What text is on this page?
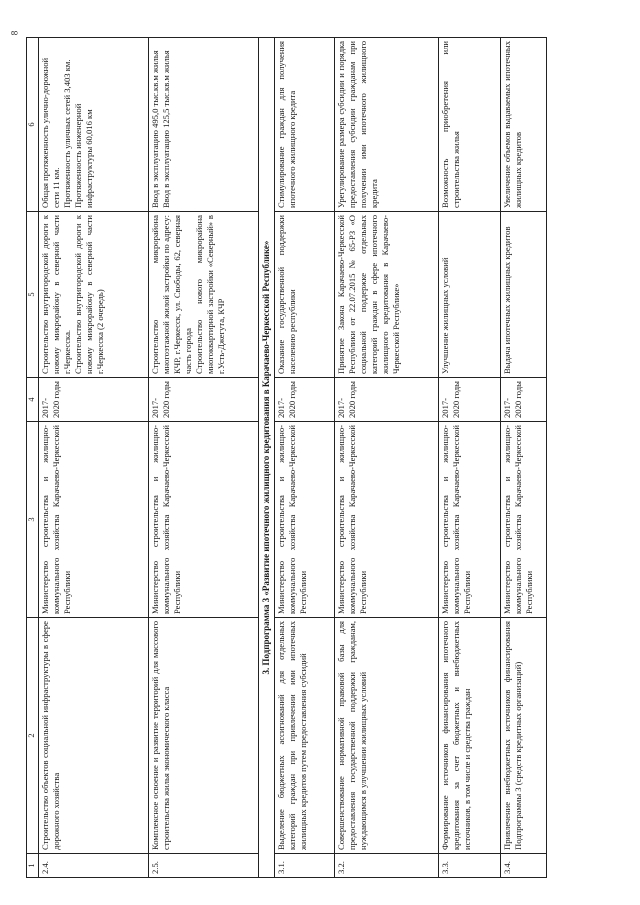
8
1	2	3	4	5	6
2.4.	Строительство объектов социальной инфраструктуры в сфере дорожного хозяйства	Министерство строительства и жилищно-коммунального хозяйства Карачаево-Черкесской Республики	2017-2020 годы	Строительство внутригородской дороги к новому микрорайону в северной части г.Черкесска. Строительство внутригородской дороги к новому микрорайону в северной части г.Черкесска (2 очередь)	Общая протяженность улично-дорожной сети 11 км. Протяженность уличных сетей 3,403 км. Протяженность инженерной инфраструктуры 60,016 км

2.5.	Комплексное освоение и развитие территорий для массового строительства жилья экономического класса	Министерство строительства и жилищно-коммунального хозяйства Карачаево-Черкесской Республики	2017-2020 годы	Строительство микрорайона многоэтажной жилой застройки по адресу: КЧР, г.Черкесск, ул. Свободы, 62, северная часть города Строительство нового микрорайона многоквартирной застройки «Северный» в г.Усть-Джегута, КЧР	Ввод в эксплуатацию 495,0 тыс.кв.м жилья Ввод в эксплуатацию 125,5 тыс.кв.м жилья

3. Подпрограмма 3 «Развитие ипотечного жилищного кредитования в Карачаево-Черкесской Республике»					
3.1.	Выделение бюджетных ассигнований для отдельных категорий граждан при привлечении ими ипотечных жилищных кредитов путем предоставления субсидий	Министерство строительства и жилищно-коммунального хозяйства Карачаево-Черкесской Республики	2017-2020 годы	Оказание государственной поддержки населению республики	Стимулирование граждан для получения ипотечного жилищного кредита
3.2.	Совершенствование нормативной правовой базы для предоставления государственной поддержки гражданам, нуждающимся в улучшении жилищных условий	Министерство строительства и жилищно-коммунального хозяйства Карачаево-Черкесской Республики	2017-2020 годы	Принятие Закона Карачаево-Черкесской Республики от 22.07.2015 № 65-РЗ «О социальной поддержке отдельных категорий граждан в сфере ипотечного жилищного кредитования в Карачаево-Черкесской Республике»	Урегулирование размера субсидии и порядка предоставления субсидии гражданам при получении ими ипотечного жилищного кредита
3.3.	Формирование источников финансирования ипотечного кредитования за счет бюджетных и внебюджетных источников, в том числе и средства граждан	Министерство строительства и жилищно-коммунального хозяйства Карачаево-Черкесской Республики	2017-2020 годы	Улучшение жилищных условий	Возможность приобретения или строительства жилья
3.4.	Привлечение внебюджетных источников финансирования Подпрограммы 3 (средств кредитных организаций)	Министерство строительства и жилищно-коммунального хозяйства Карачаево-Черкесской Республики	2017-2020 годы	Выдача ипотечных жилищных кредитов	Увеличение объемов выдаваемых ипотечных жилищных кредитов
